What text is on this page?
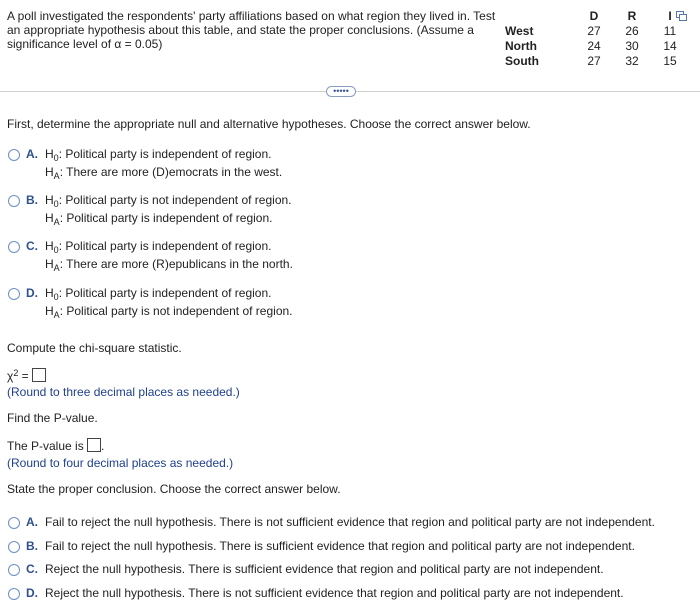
A poll investigated the respondents' party affiliations based on what region they lived in. Test an appropriate hypothesis about this table, and state the proper conclusions. (Assume a significance level of α = 0.05)
	D	R	I
West	27	26	11
North	24	30	14
South	27	32	15
•••••
First, determine the appropriate null and alternative hypotheses. Choose the correct answer below.
A. $H_0$: Political party is independent of region.
$H_A$: There are more (D)emocrats in the west.
B. $H_0$: Political party is not independent of region.
$H_A$: Political party is independent of region.
C. $H_0$: Political party is independent of region.
$H_A$: There are more (R)epublicans in the north.
D. $H_0$: Political party is independent of region.
$H_A$: Political party is not independent of region.
Compute the chi-square statistic.
$\chi^2$ =
(Round to three decimal places as needed.)
Find the P-value.
The P-value is .
(Round to four decimal places as needed.)
State the proper conclusion. Choose the correct answer below.
A. Fail to reject the null hypothesis. There is not sufficient evidence that region and political party are not independent.
B. Fail to reject the null hypothesis. There is sufficient evidence that region and political party are not independent.
C. Reject the null hypothesis. There is sufficient evidence that region and political party are not independent.
D. Reject the null hypothesis. There is not sufficient evidence that region and political party are not independent.
